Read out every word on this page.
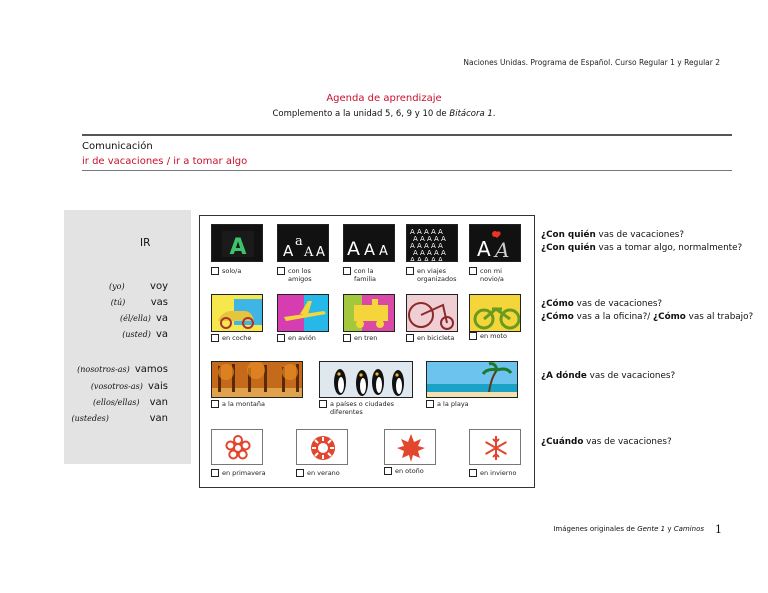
Naciones Unidas. Programa de Español. Curso Regular 1 y Regular 2
Agenda de aprendizaje
Complemento a la unidad 5, 6, 9 y 10 de Bitácora 1.
Comunicación
ir de vacaciones / ir a tomar algo
IR
(yo)	voy
(tú)	vas
(él/ella) va
(usted) va
(nosotros-as) vamos
(vosotros-as) vais
(ellos/ellas) van
(ustedes)	van
A A
a
A A A A A
A A A A A
A A A A A
A A A A A
A A A A A
A A A A A A A
solo/a	con los amigos
con la familia
en viajes organizados
con mi novio/a
en coche	en avión	en tren	en bicicleta	en moto
a la montaña	a países o ciudades diferentes
a la playa
en primavera	en verano	en otoño	en invierno
¿Con quién vas de vacaciones?
¿Con quién vas a tomar algo, normalmente?
¿Cómo vas de vacaciones?
¿Cómo vas a la oficina?/ ¿Cómo vas al trabajo?
¿A dónde vas de vacaciones?
¿Cuándo vas de vacaciones?
Imágenes originales de Gente 1 y Caminos 1
